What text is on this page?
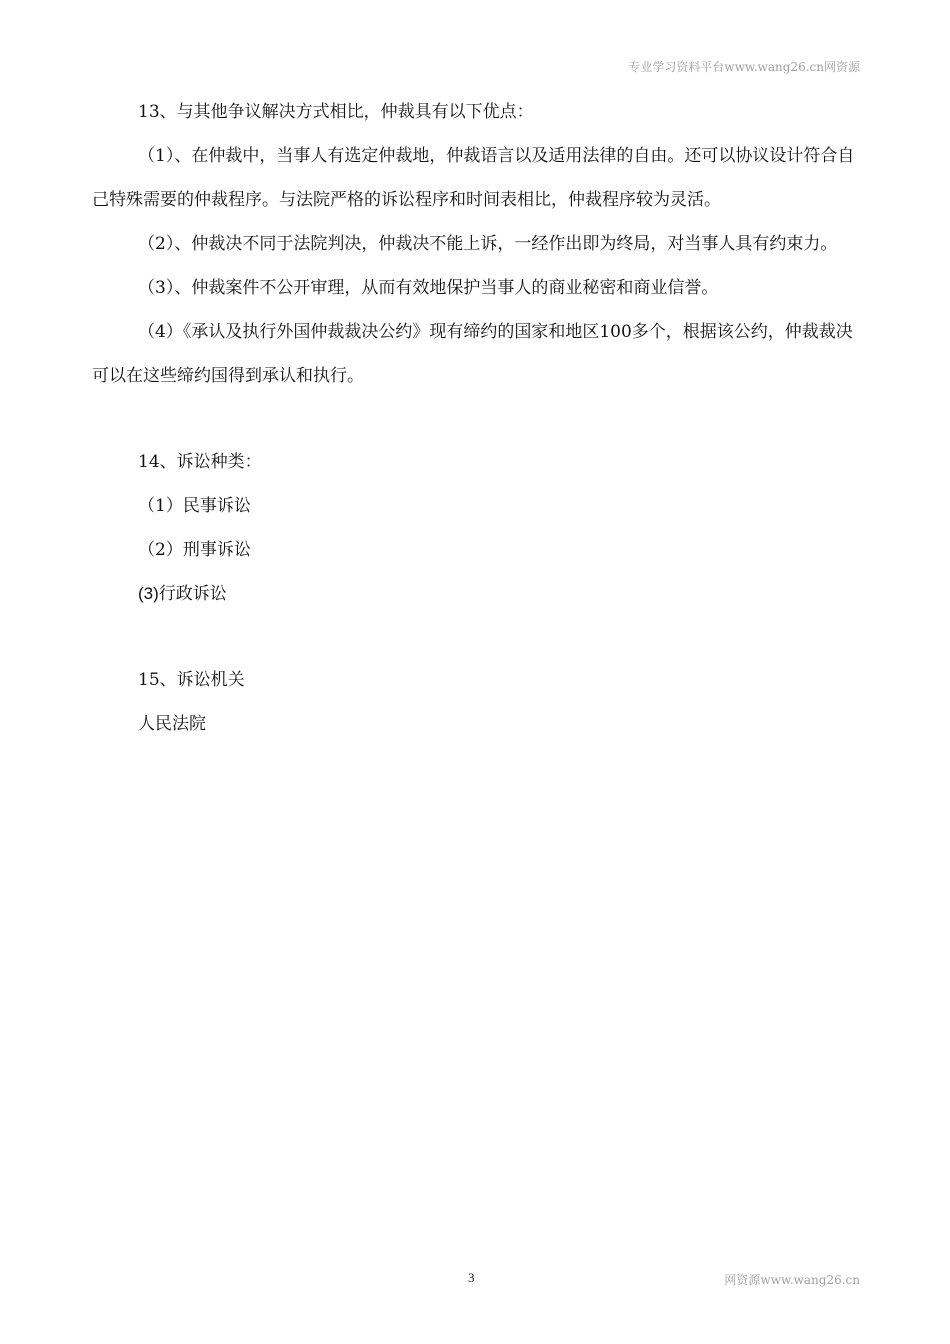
专业学习资料平台www.wang26.cn网资源

13、与其他争议解决方式相比，仲裁具有以下优点：

（1）、在仲裁中，当事人有选定仲裁地，仲裁语言以及适用法律的自由。还可以协议设计符合自己特殊需要的仲裁程序。与法院严格的诉讼程序和时间表相比，仲裁程序较为灵活。

（2）、仲裁决不同于法院判决，仲裁决不能上诉，一经作出即为终局，对当事人具有约束力。

（3）、仲裁案件不公开审理，从而有效地保护当事人的商业秘密和商业信誉。

（4）《承认及执行外国仲裁裁决公约》现有缔约的国家和地区100多个，根据该公约，仲裁裁决可以在这些缔约国得到承认和执行。

14、诉讼种类：

（1）民事诉讼

（2）刑事诉讼

(3)行政诉讼

15、诉讼机关

人民法院

3	网资源www.wang26.cn
